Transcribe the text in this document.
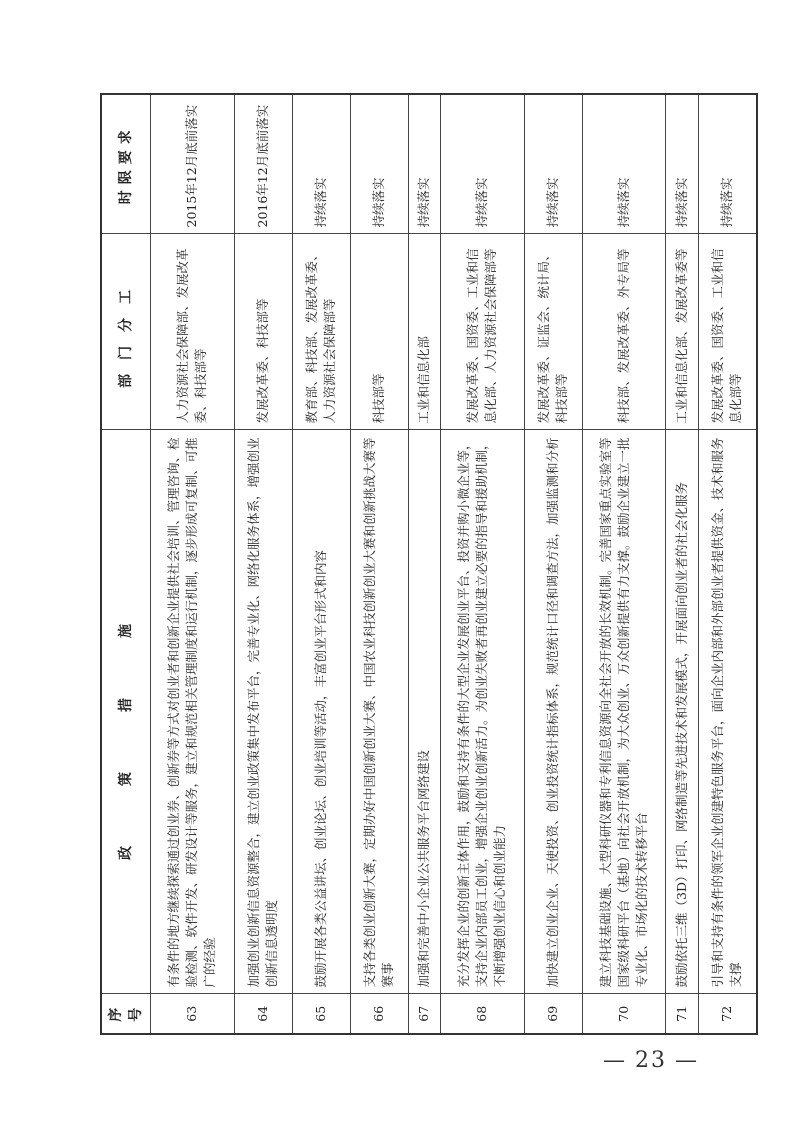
序号	政策措施	部门分工	时限要求
63	有条件的地方继续探索通过创业券、创新券等方式对创业者和创新企业提供社会培训、管理咨询、检验检测、软件开发、研发设计等服务，建立和规范相关管理制度和运行机制，逐步形成可复制、可推广的经验	人力资源社会保障部、发展改革委、科技部等	2015年12月底前落实
64	加强创业创新信息资源整合，建立创业政策集中发布平台，完善专业化、网络化服务体系，增强创业创新信息透明度	发展改革委、科技部等	2016年12月底前落实
65	鼓励开展各类公益讲坛、创业论坛、创业培训等活动，丰富创业平台形式和内容	教育部、科技部、发展改革委、人力资源社会保障部等	持续落实
66	支持各类创业创新大赛，定期办好中国创新创业大赛、中国农业科技创新创业大赛和创新挑战大赛等赛事	科技部等	持续落实
67	加强和完善中小企业公共服务平台网络建设	工业和信息化部	持续落实
68	充分发挥企业的创新主体作用，鼓励和支持有条件的大型企业发展创业平台、投资并购小微企业等，支持企业内部员工创业，增强企业创业创新活力。为创业失败者再创业建立必要的指导和援助机制，不断增强创业信心和创业能力	发展改革委、国资委、工业和信息化部、人力资源社会保障部等	持续落实
69	加快建立创业企业、天使投资、创业投资统计指标体系，规范统计口径和调查方法，加强监测和分析	发展改革委、证监会、统计局、科技部等	持续落实
70	建立科技基础设施、大型科研仪器和专利信息资源向全社会开放的长效机制。完善国家重点实验室等国家级科研平台（基地）向社会开放机制，为大众创业、万众创新提供有力支撑。鼓励企业建立一批专业化、市场化的技术转移平台	科技部、发展改革委、外专局等	持续落实
71	鼓励依托三维（3D）打印、网络制造等先进技术和发展模式，开展面向创业者的社会化服务	工业和信息化部、发展改革委等	持续落实
72	引导和支持有条件的领军企业创建特色服务平台，面向企业内部和外部创业者提供资金、技术和服务支撑	发展改革委、国资委、工业和信息化部等	持续落实
— 23 —
